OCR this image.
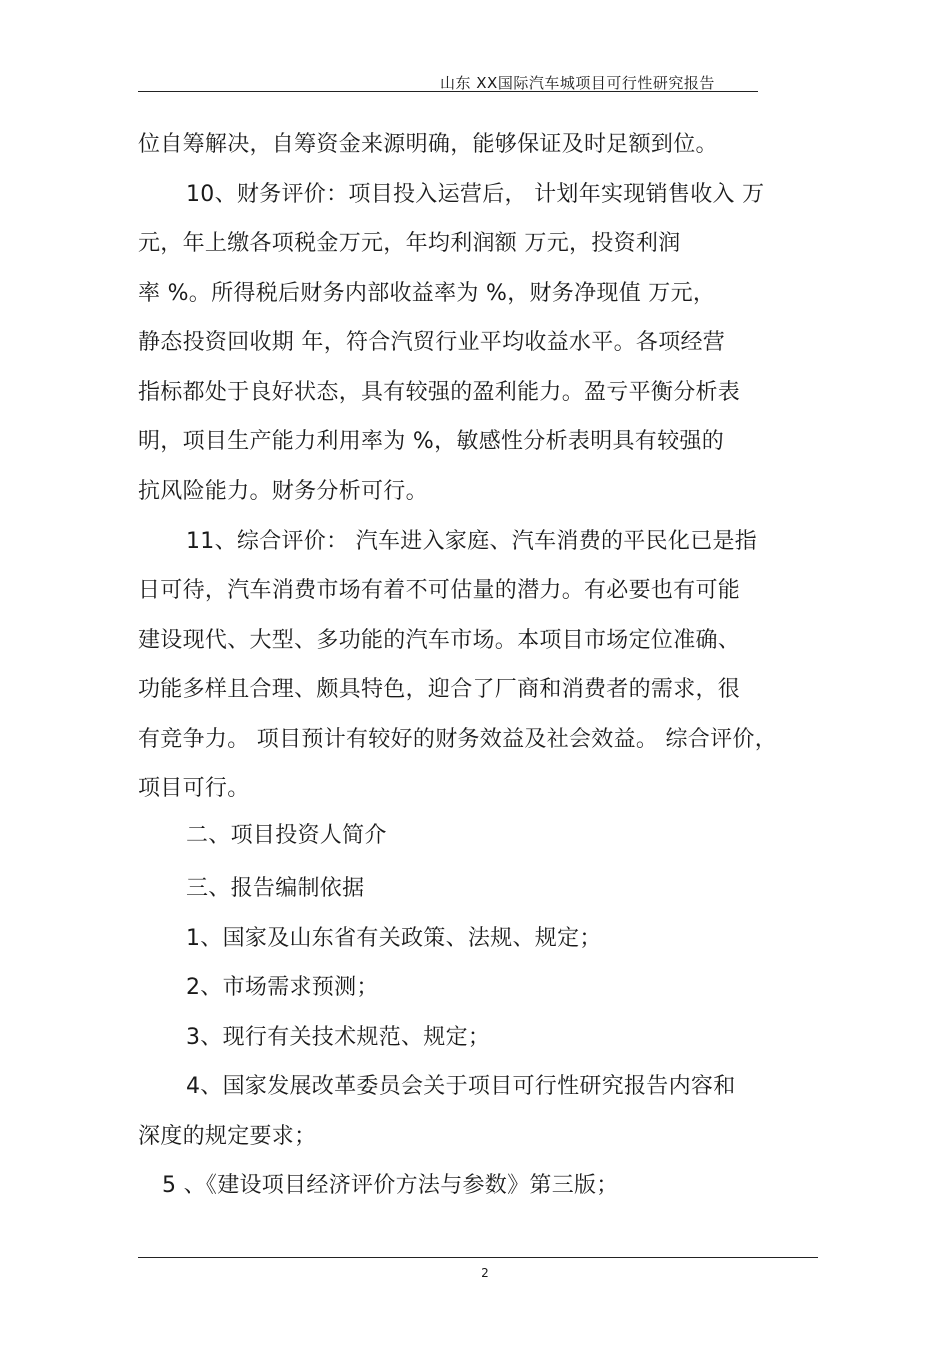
山东 XX国际汽车城项目可行性研究报告
位自筹解决，自筹资金来源明确，能够保证及时足额到位。
10、财务评价：项目投入运营后， 计划年实现销售收入 万
元，年上缴各项税金万元，年均利润额 万元，投资利润
率 %。所得税后财务内部收益率为 %，财务净现值 万元，
静态投资回收期 年，符合汽贸行业平均收益水平。各项经营
指标都处于良好状态，具有较强的盈利能力。盈亏平衡分析表
明，项目生产能力利用率为 %，敏感性分析表明具有较强的
抗风险能力。财务分析可行。
11、综合评价： 汽车进入家庭、汽车消费的平民化已是指
日可待，汽车消费市场有着不可估量的潜力。有必要也有可能
建设现代、大型、多功能的汽车市场。本项目市场定位准确、
功能多样且合理、颇具特色，迎合了厂商和消费者的需求，很
有竞争力。 项目预计有较好的财务效益及社会效益。 综合评价，
项目可行。
二、项目投资人简介
三、报告编制依据
1、国家及山东省有关政策、法规、规定；
2、市场需求预测；
3、现行有关技术规范、规定；
4、国家发展改革委员会关于项目可行性研究报告内容和
深度的规定要求；
5 、《建设项目经济评价方法与参数》第三版；
2
